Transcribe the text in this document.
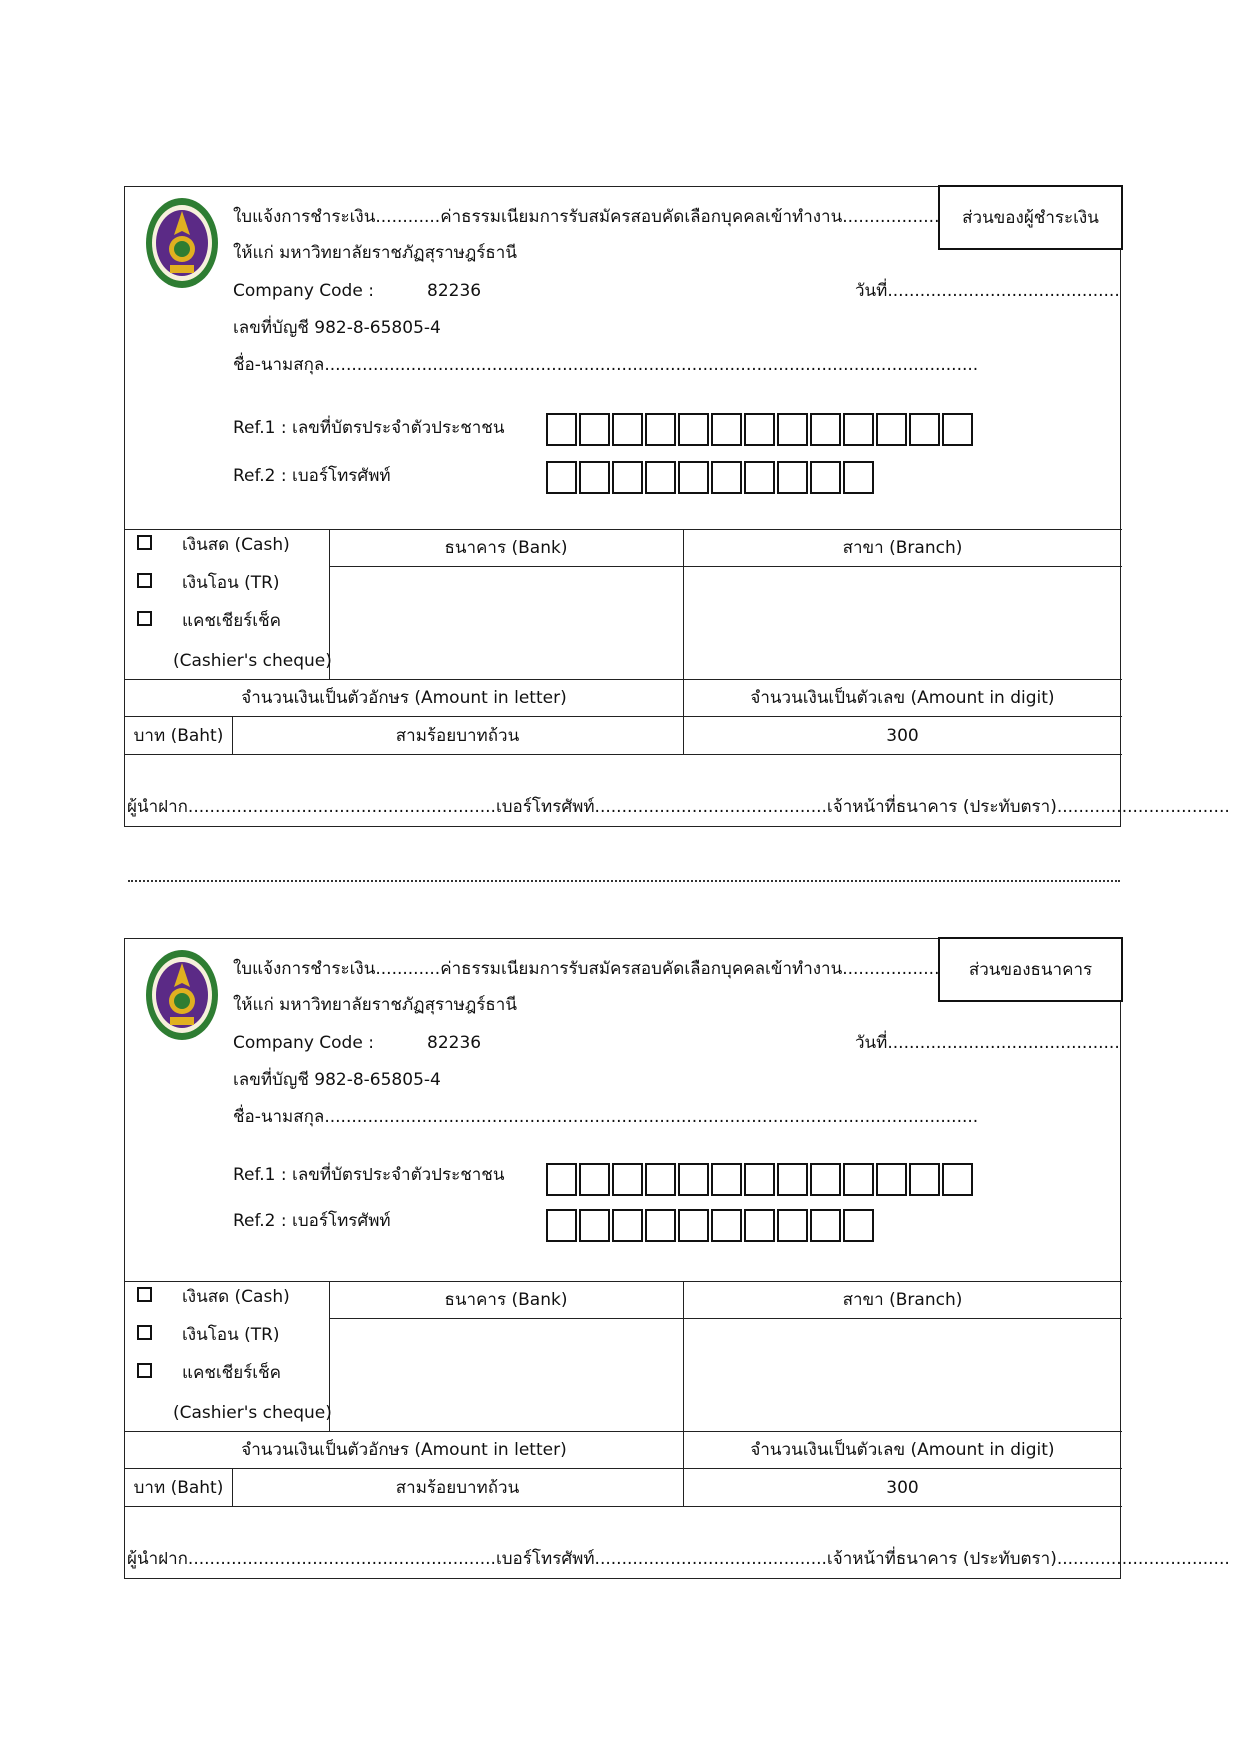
ส่วนของผู้ชำระเงิน
ใบแจ้งการชำระเงิน............ค่าธรรมเนียมการรับสมัครสอบคัดเลือกบุคคลเข้าทำงาน..................
ให้แก่ มหาวิทยาลัยราชภัฏสุราษฎร์ธานี
Company Code :	82236	วันที่...........................................
เลขที่บัญชี 982-8-65805-4
ชื่อ-นามสกุล.........................................................................................................................
Ref.1 : เลขที่บัตรประจำตัวประชาชน
Ref.2 : เบอร์โทรศัพท์
เงินสด (Cash)
เงินโอน (TR)
แคชเชียร์เช็ค
(Cashier's cheque)
ธนาคาร (Bank)	สาขา (Branch)
จำนวนเงินเป็นตัวอักษร (Amount in letter)	จำนวนเงินเป็นตัวเลข (Amount in digit)
บาท (Baht)	สามร้อยบาทถ้วน	300
ผู้นำฝาก.........................................................เบอร์โทรศัพท์...........................................เจ้าหน้าที่ธนาคาร (ประทับตรา)................................
ส่วนของธนาคาร
ใบแจ้งการชำระเงิน............ค่าธรรมเนียมการรับสมัครสอบคัดเลือกบุคคลเข้าทำงาน..................
ให้แก่ มหาวิทยาลัยราชภัฏสุราษฎร์ธานี
Company Code :	82236	วันที่...........................................
เลขที่บัญชี 982-8-65805-4
ชื่อ-นามสกุล.........................................................................................................................
Ref.1 : เลขที่บัตรประจำตัวประชาชน
Ref.2 : เบอร์โทรศัพท์
เงินสด (Cash)
เงินโอน (TR)
แคชเชียร์เช็ค
(Cashier's cheque)
ธนาคาร (Bank)	สาขา (Branch)
จำนวนเงินเป็นตัวอักษร (Amount in letter)	จำนวนเงินเป็นตัวเลข (Amount in digit)
บาท (Baht)	สามร้อยบาทถ้วน	300
ผู้นำฝาก.........................................................เบอร์โทรศัพท์...........................................เจ้าหน้าที่ธนาคาร (ประทับตรา)................................
